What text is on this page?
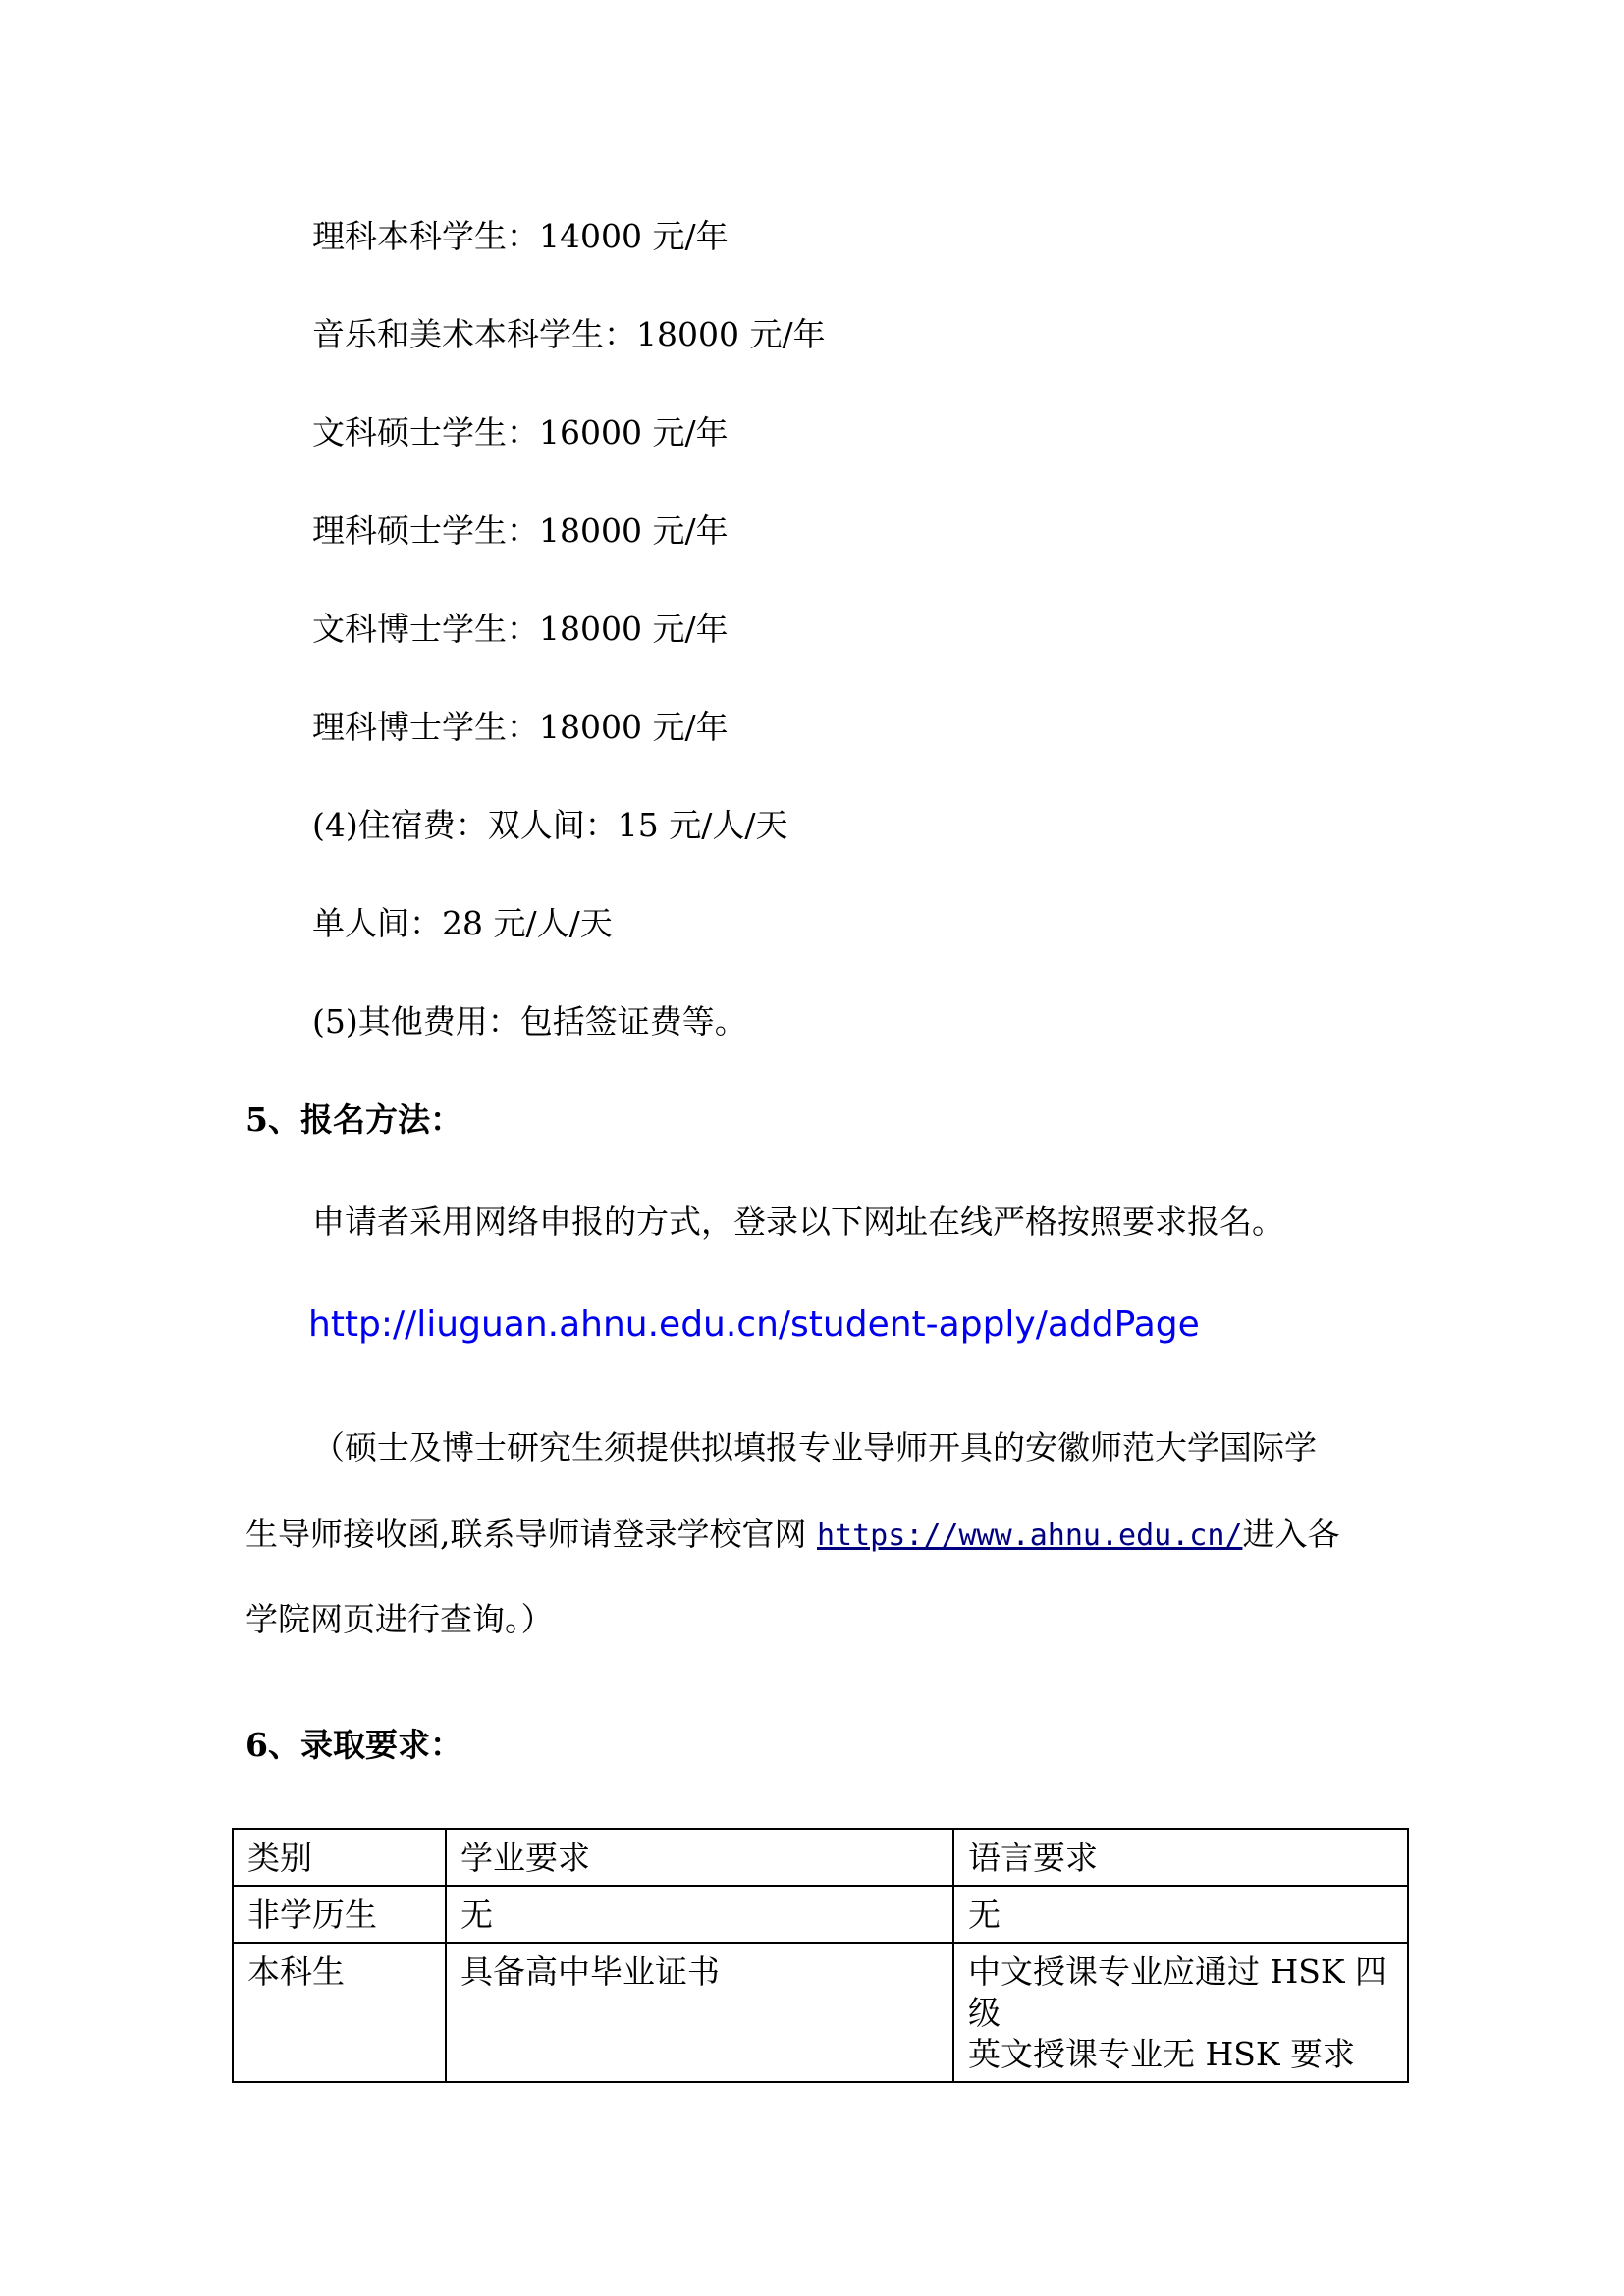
理科本科学生：14000 元/年
音乐和美术本科学生：18000 元/年
文科硕士学生：16000 元/年
理科硕士学生：18000 元/年
文科博士学生：18000 元/年
理科博士学生：18000 元/年
(4)住宿费：双人间：15 元/人/天
单人间：28 元/人/天
(5)其他费用：包括签证费等。
5、报名方法：
申请者采用网络申报的方式，登录以下网址在线严格按照要求报名。
http://liuguan.ahnu.edu.cn/student-apply/addPage
（硕士及博士研究生须提供拟填报专业导师开具的安徽师范大学国际学
生导师接收函,联系导师请登录学校官网 https://www.ahnu.edu.cn/进入各
学院网页进行查询。）
6、录取要求：
类别	学业要求	语言要求
非学历生	无	无
本科生	具备高中毕业证书	中文授课专业应通过 HSK 四级
英文授课专业无 HSK 要求
